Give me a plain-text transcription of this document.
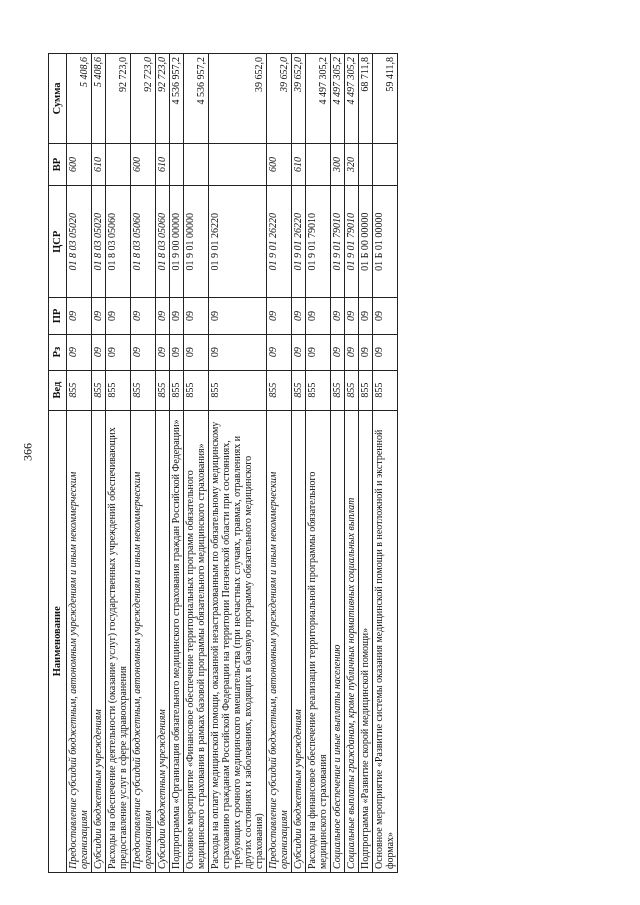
366
Наименование	Вед	Рз	ПР	ЦСР	ВР	Сумма
Предоставление субсидий бюджетным, автономным учреждениям и иным некоммерческим организациям	855	09	09	01 8 03 05020	600	5 408,6
Субсидии бюджетным учреждениям	855	09	09	01 8 03 05020	610	5 408,6
Расходы на обеспечение деятельности (оказание услуг) государственных учреждений обеспечивающих предоставление услуг в сфере здравоохранения	855	09	09	01 8 03 05060		92 723,0
Предоставление субсидий бюджетным, автономным учреждениям и иным некоммерческим организациям	855	09	09	01 8 03 05060	600	92 723,0
Субсидии бюджетным учреждениям	855	09	09	01 8 03 05060	610	92 723,0
Подпрограмма «Организация обязательного медицинского страхования граждан Российской Федерации»	855	09	09	01 9 00 00000		4 536 957,2
Основное мероприятие «Финансовое обеспечение территориальных программ обязательного медицинского страхования в рамках базовой программы обязательного медицинского страхования»	855	09	09	01 9 01 00000		4 536 957,2
Расходы на оплату медицинской помощи, оказанной незастрахованным по обязательному медицинскому страхованию гражданам Российской Федерации на территории Пензенской области при состояниях, требующих срочного медицинского вмешательства (при несчастных случаях, травмах, отравлениях и других состояниях и заболеваниях, входящих в базовую программу обязательного медицинского страхования)	855	09	09	01 9 01 26220		39 652,0
Предоставление субсидий бюджетным, автономным учреждениям и иным некоммерческим организациям	855	09	09	01 9 01 26220	600	39 652,0
Субсидии бюджетным учреждениям	855	09	09	01 9 01 26220	610	39 652,0
Расходы на финансовое обеспечение реализации территориальной программы обязательного медицинского страхования	855	09	09	01 9 01 79010		4 497 305,2
Социальное обеспечение и иные выплаты населению	855	09	09	01 9 01 79010	300	4 497 305,2
Социальные выплаты гражданам, кроме публичных нормативных социальных выплат	855	09	09	01 9 01 79010	320	4 497 305,2
Подпрограмма «Развитие скорой медицинской помощи»	855	09	09	01 Б 00 00000		68 711,8
Основное мероприятие «Развитие системы оказания медицинской помощи в неотложной и экстренной формах»	855	09	09	01 Б 01 00000		59 411,8
